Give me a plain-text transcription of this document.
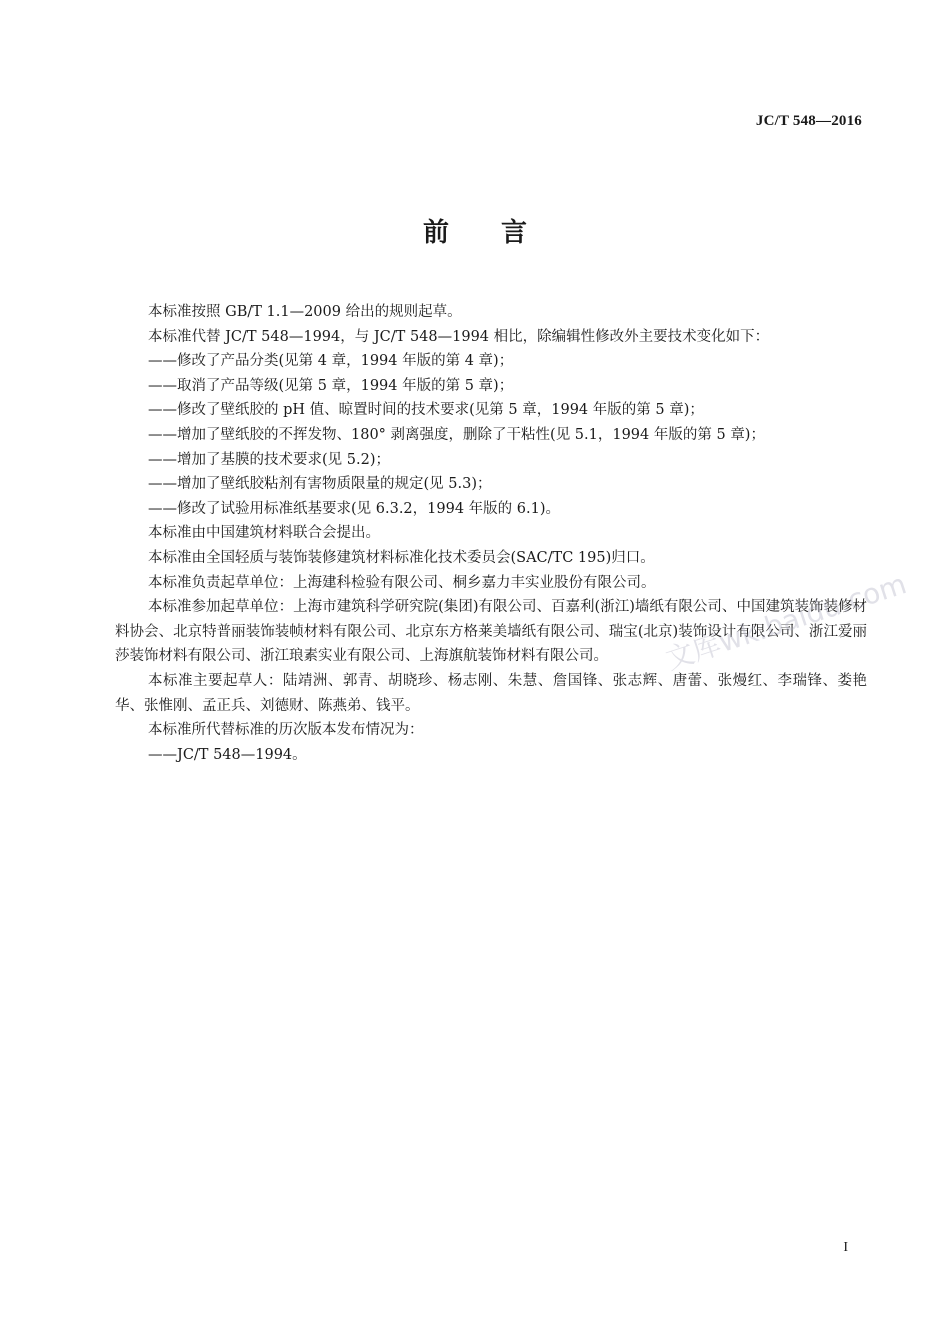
JC/T 548—2016
前言

本标准按照 GB/T 1.1—2009 给出的规则起草。

本标准代替 JC/T 548—1994，与 JC/T 548—1994 相比，除编辑性修改外主要技术变化如下：

——修改了产品分类(见第 4 章，1994 年版的第 4 章)；

——取消了产品等级(见第 5 章，1994 年版的第 5 章)；

——修改了壁纸胶的 pH 值、晾置时间的技术要求(见第 5 章，1994 年版的第 5 章)；

——增加了壁纸胶的不挥发物、180° 剥离强度，删除了干粘性(见 5.1，1994 年版的第 5 章)；

——增加了基膜的技术要求(见 5.2)；

——增加了壁纸胶粘剂有害物质限量的规定(见 5.3)；

——修改了试验用标准纸基要求(见 6.3.2，1994 年版的 6.1)。

本标准由中国建筑材料联合会提出。

本标准由全国轻质与装饰装修建筑材料标准化技术委员会(SAC/TC 195)归口。

本标准负责起草单位：上海建科检验有限公司、桐乡嘉力丰实业股份有限公司。

本标准参加起草单位：上海市建筑科学研究院(集团)有限公司、百嘉利(浙江)墙纸有限公司、中国建筑装饰装修材料协会、北京特普丽装饰装帧材料有限公司、北京东方格莱美墙纸有限公司、瑞宝(北京)装饰设计有限公司、浙江爱丽莎装饰材料有限公司、浙江琅素实业有限公司、上海旗航装饰材料有限公司。

本标准主要起草人：陆靖洲、郭青、胡晓珍、杨志刚、朱慧、詹国锋、张志辉、唐蕾、张熳红、李瑞锋、娄艳华、张惟刚、孟正兵、刘德财、陈燕弟、钱平。

本标准所代替标准的历次版本发布情况为：

——JC/T 548—1994。

文库wk.baidu.com
I
